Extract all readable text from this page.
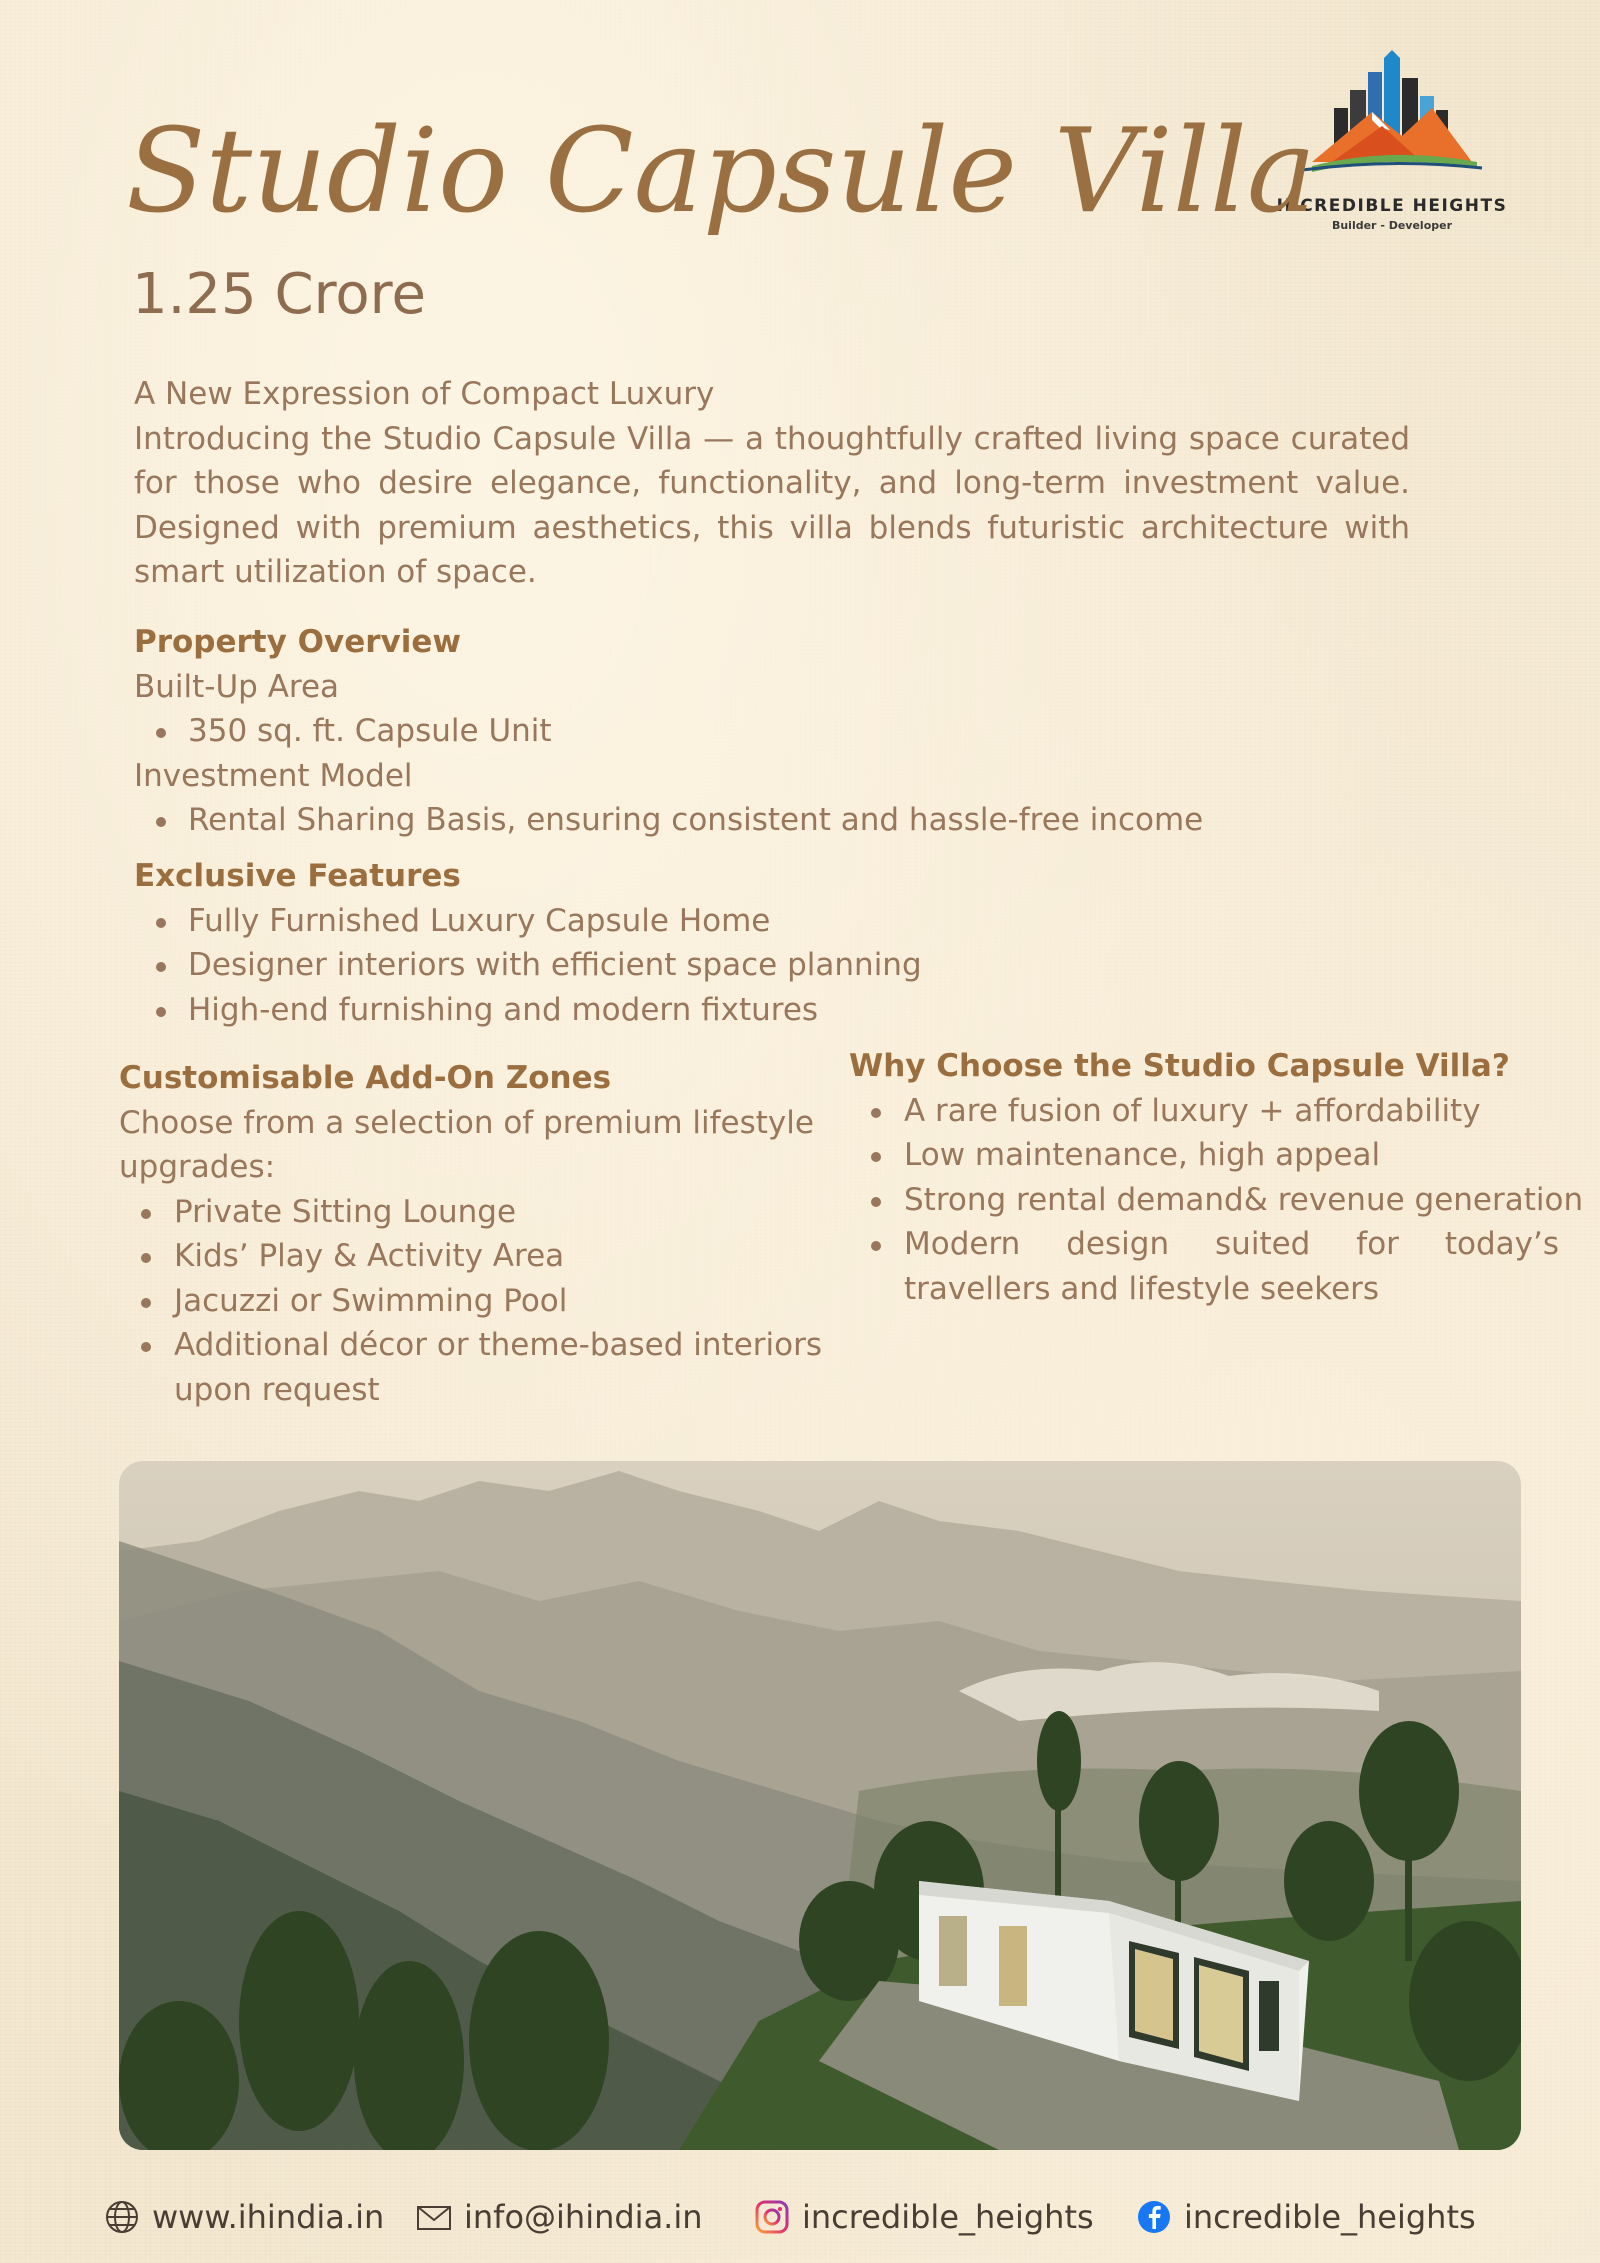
INCREDIBLE HEIGHTS
Builder - Developer
Studio Capsule Villa
1.25 Crore

A New Expression of Compact Luxury

Introducing the Studio Capsule Villa — a thoughtfully crafted living space curated for those who desire elegance, functionality, and long-term investment value. Designed with premium aesthetics, this villa blends futuristic architecture with smart utilization of space.

Property Overview
Built-Up Area
350 sq. ft. Capsule Unit
Investment Model
Rental Sharing Basis, ensuring consistent and hassle-free income
Exclusive Features
Fully Furnished Luxury Capsule Home
Designer interiors with efficient space planning
High-end furnishing and modern fixtures
Customisable Add-On Zones
Choose from a selection of premium lifestyle upgrades:
Private Sitting Lounge
Kids’ Play & Activity Area
Jacuzzi or Swimming Pool
Additional décor or theme-based interiors upon request
Why Choose the Studio Capsule Villa?
A rare fusion of luxury + affordability
Low maintenance, high appeal
Strong rental demand& revenue generation
Modern design suited for today’s travellers and lifestyle seekers
www.ihindia.in info@ihindia.in	incredible_heights	incredible_heights
